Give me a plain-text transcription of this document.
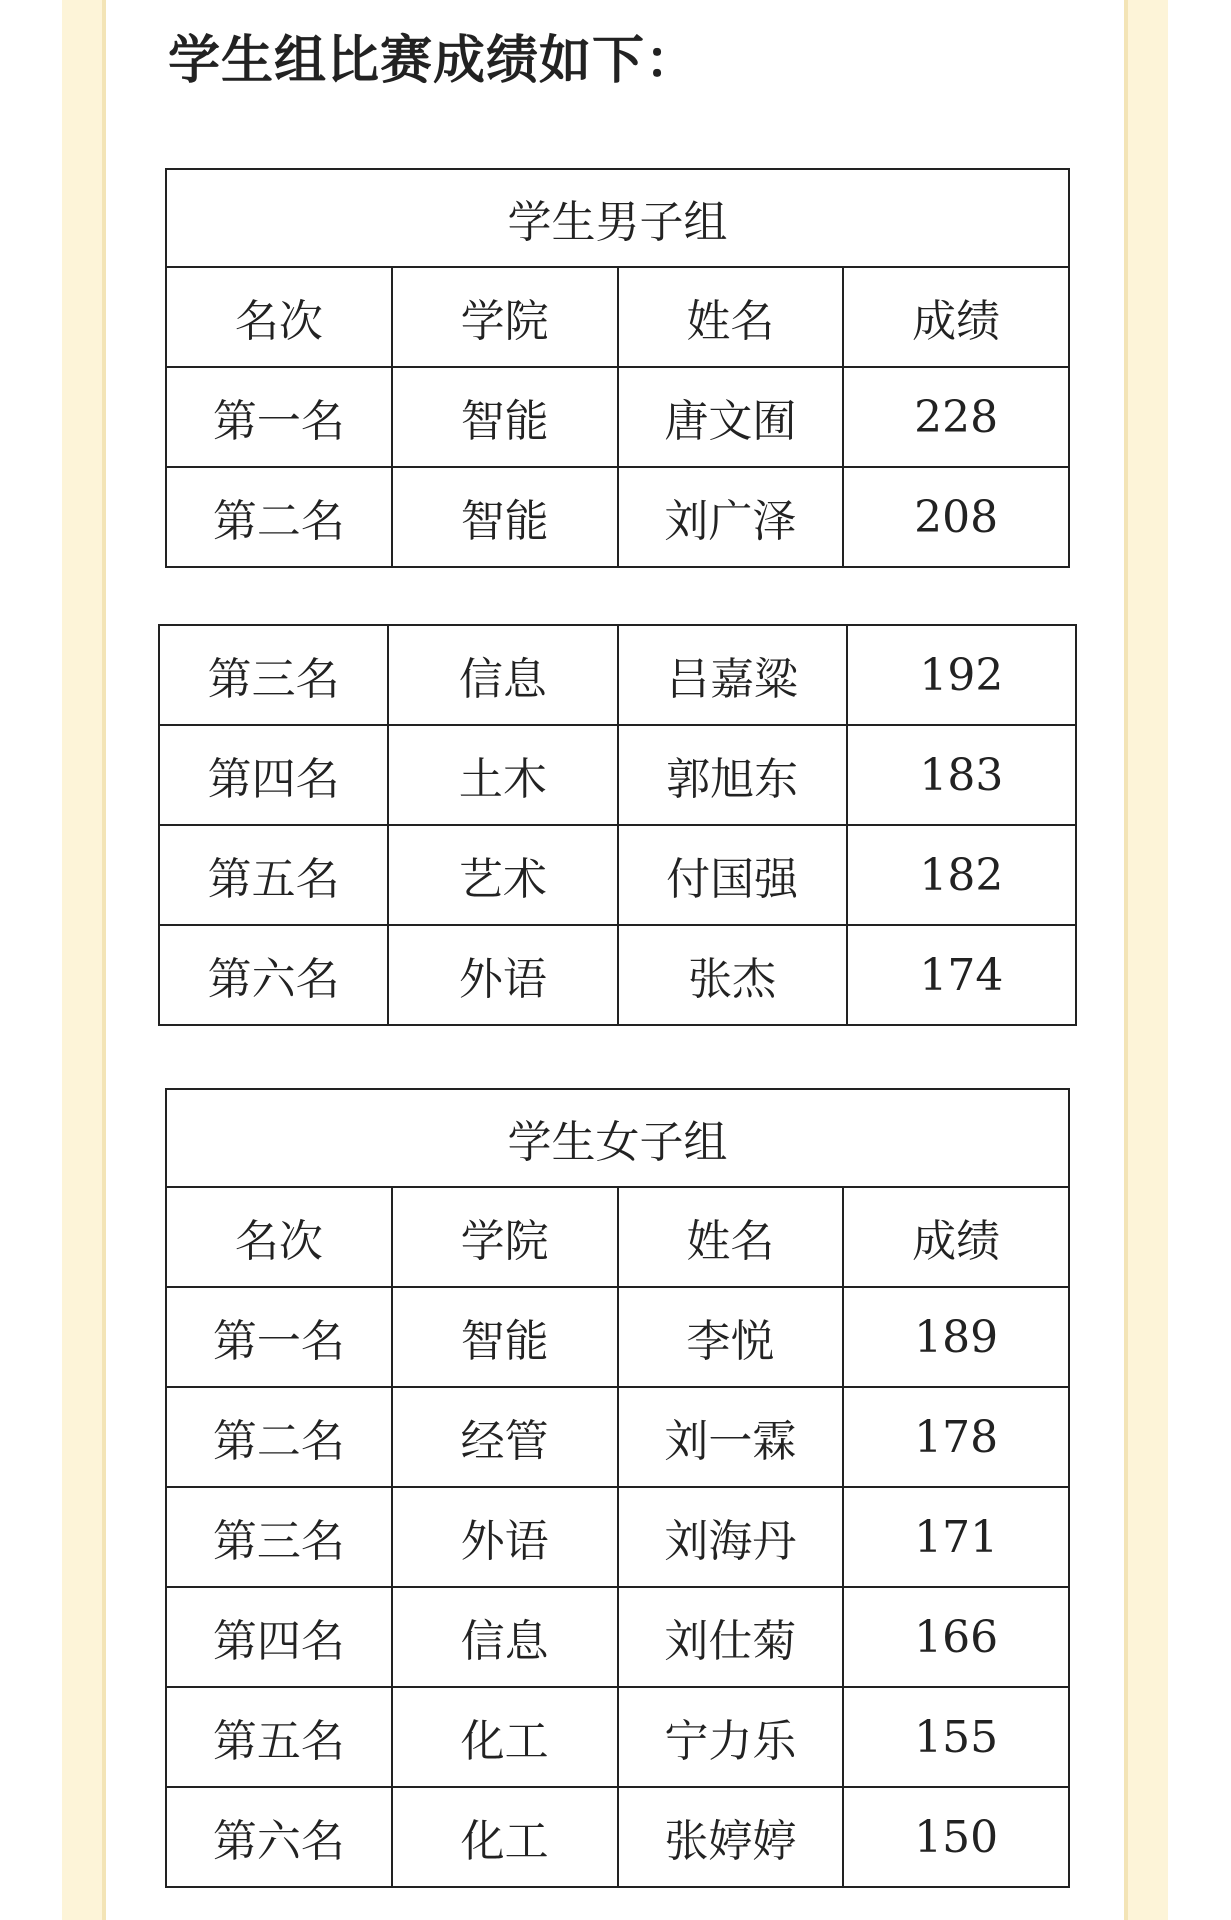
学生组比赛成绩如下：
学生男子组			
名次	学院	姓名	成绩
第一名	智能	唐文囿	228
第二名	智能	刘广泽	208
第三名	信息	吕嘉粱	192
第四名	土木	郭旭东	183
第五名	艺术	付国强	182
第六名	外语	张杰	174
学生女子组			
名次	学院	姓名	成绩
第一名	智能	李悦	189
第二名	经管	刘一霖	178
第三名	外语	刘海丹	171
第四名	信息	刘仕菊	166
第五名	化工	宁力乐	155
第六名	化工	张婷婷	150
